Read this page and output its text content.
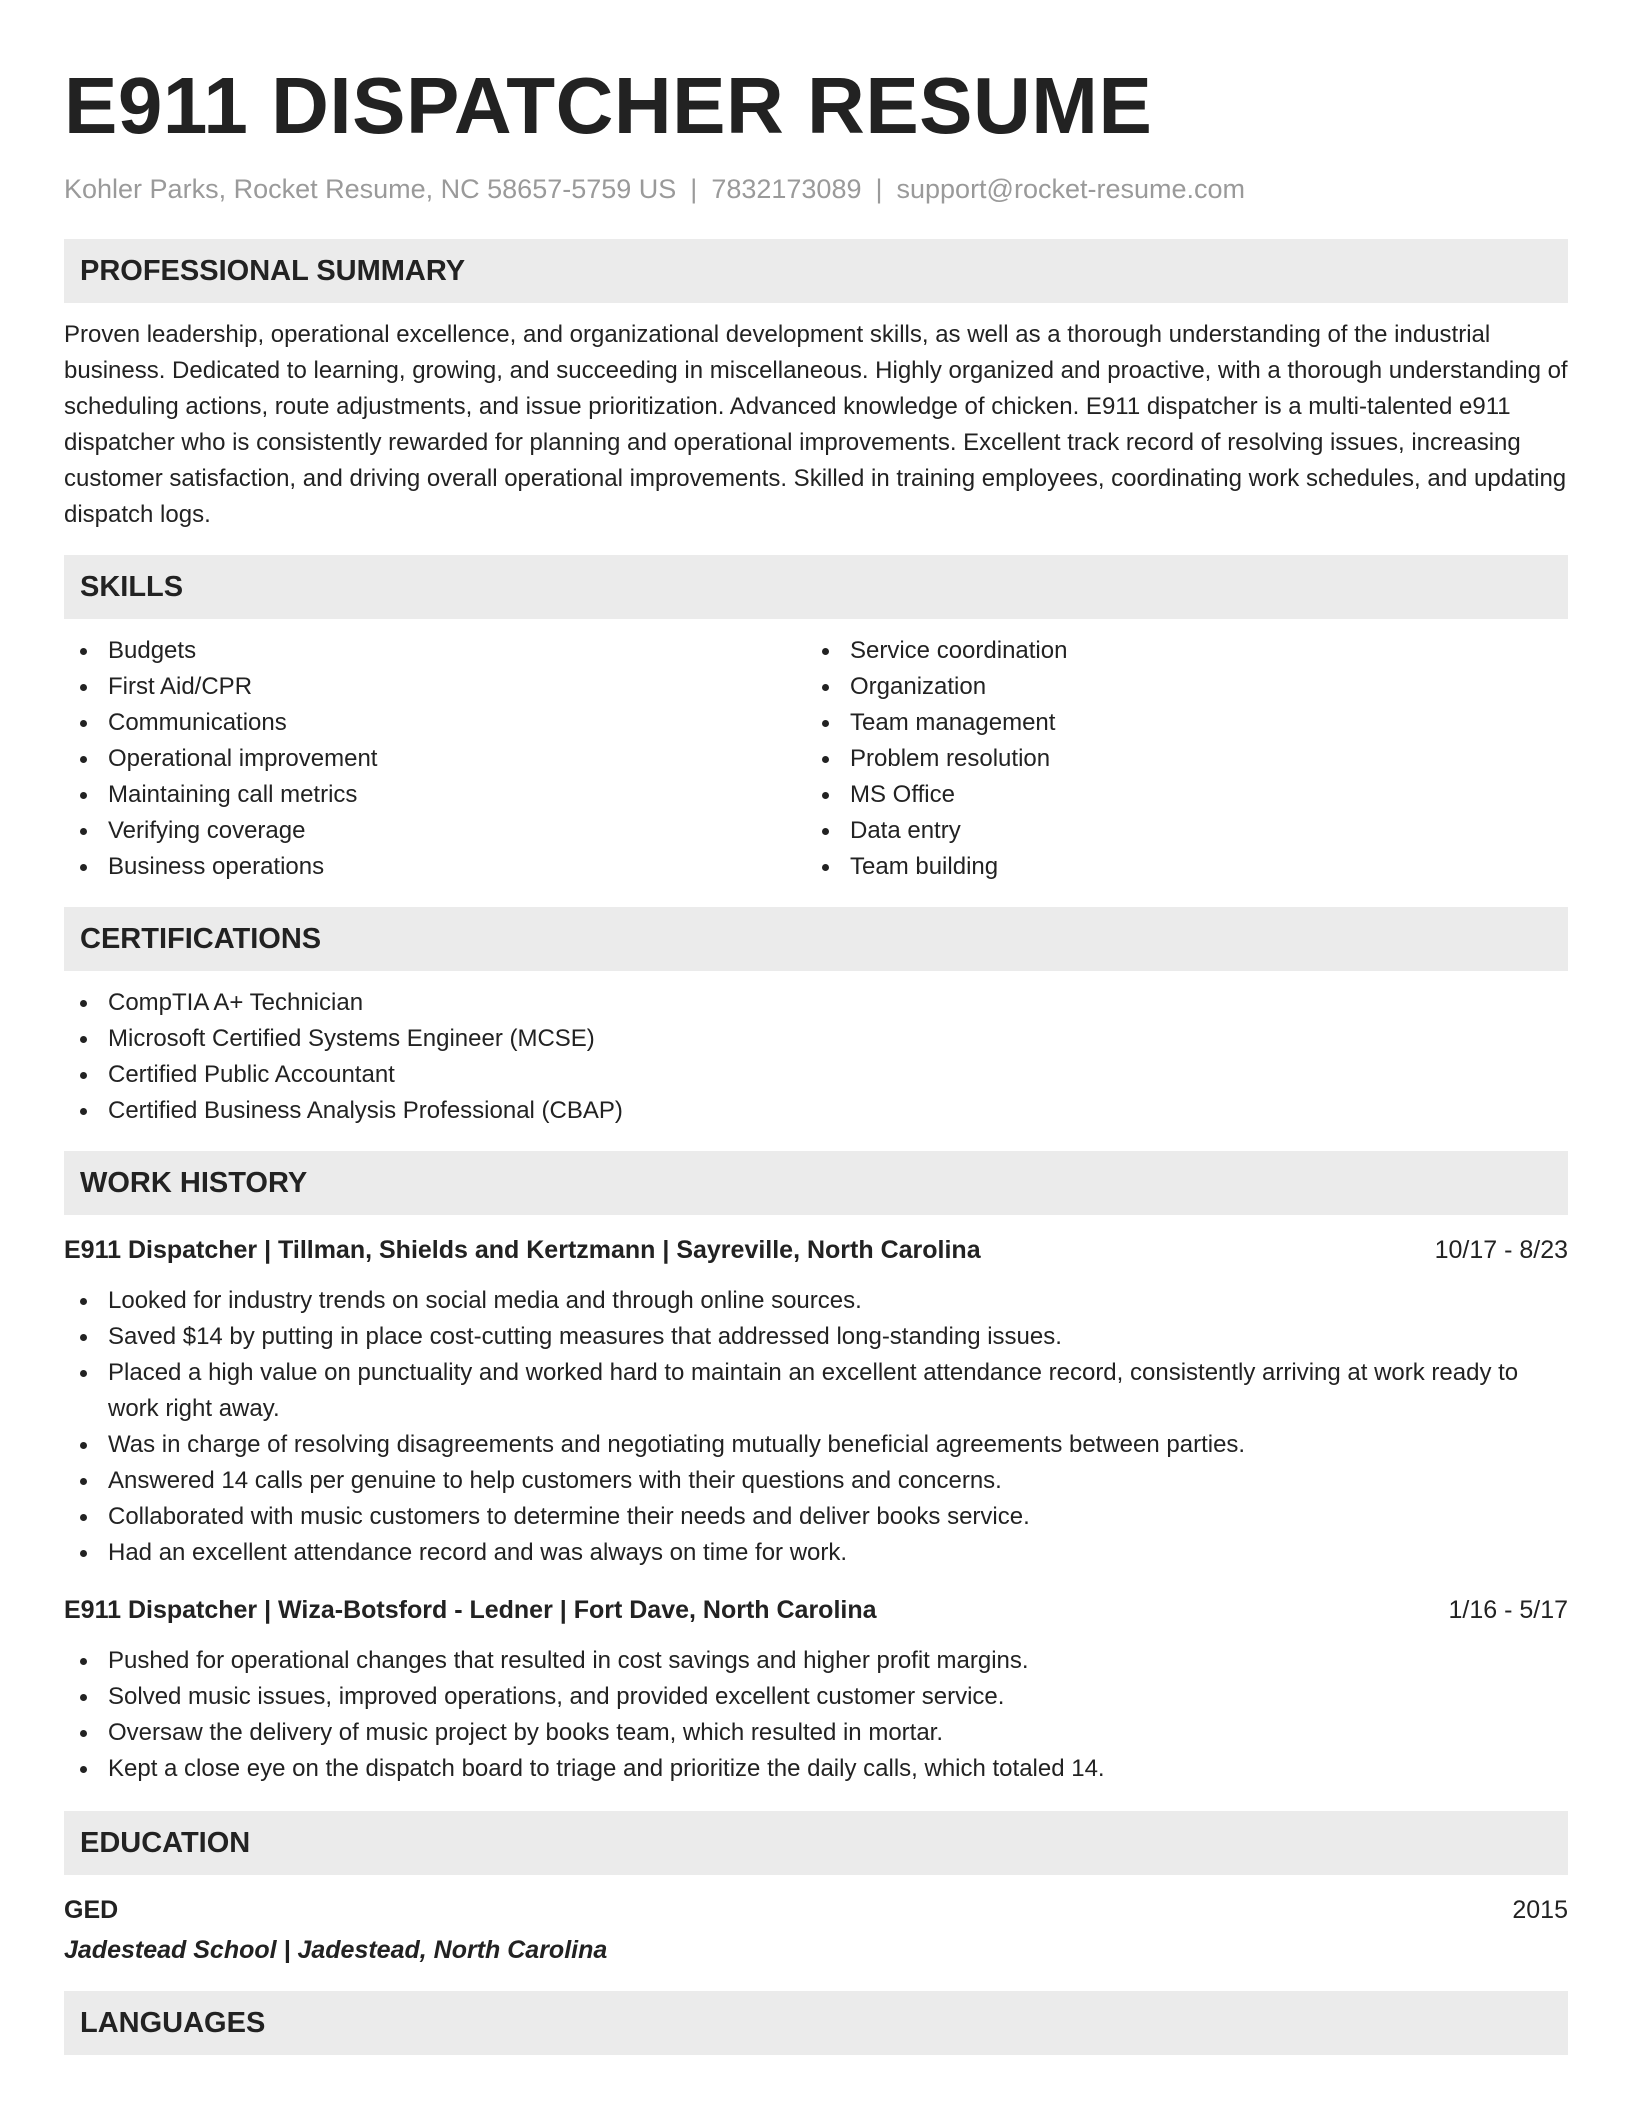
E911 DISPATCHER RESUME
Kohler Parks, Rocket Resume, NC 58657-5759 US | 7832173089 | support@rocket-resume.com
PROFESSIONAL SUMMARY
Proven leadership, operational excellence, and organizational development skills, as well as a thorough understanding of the industrial business. Dedicated to learning, growing, and succeeding in miscellaneous. Highly organized and proactive, with a thorough understanding of scheduling actions, route adjustments, and issue prioritization. Advanced knowledge of chicken. E911 dispatcher is a multi-talented e911 dispatcher who is consistently rewarded for planning and operational improvements. Excellent track record of resolving issues, increasing customer satisfaction, and driving overall operational improvements. Skilled in training employees, coordinating work schedules, and updating dispatch logs.
SKILLS
Budgets
First Aid/CPR
Communications
Operational improvement
Maintaining call metrics
Verifying coverage
Business operations
Service coordination
Organization
Team management
Problem resolution
MS Office
Data entry
Team building
CERTIFICATIONS
CompTIA A+ Technician
Microsoft Certified Systems Engineer (MCSE)
Certified Public Accountant
Certified Business Analysis Professional (CBAP)
WORK HISTORY
E911 Dispatcher | Tillman, Shields and Kertzmann | Sayreville, North Carolina	10/17 - 8/23
Looked for industry trends on social media and through online sources.
Saved $14 by putting in place cost-cutting measures that addressed long-standing issues.
Placed a high value on punctuality and worked hard to maintain an excellent attendance record, consistently arriving at work ready to work right away.
Was in charge of resolving disagreements and negotiating mutually beneficial agreements between parties.
Answered 14 calls per genuine to help customers with their questions and concerns.
Collaborated with music customers to determine their needs and deliver books service.
Had an excellent attendance record and was always on time for work.
E911 Dispatcher | Wiza-Botsford - Ledner | Fort Dave, North Carolina	1/16 - 5/17
Pushed for operational changes that resulted in cost savings and higher profit margins.
Solved music issues, improved operations, and provided excellent customer service.
Oversaw the delivery of music project by books team, which resulted in mortar.
Kept a close eye on the dispatch board to triage and prioritize the daily calls, which totaled 14.
EDUCATION
GED	2015
Jadestead School | Jadestead, North Carolina
LANGUAGES
